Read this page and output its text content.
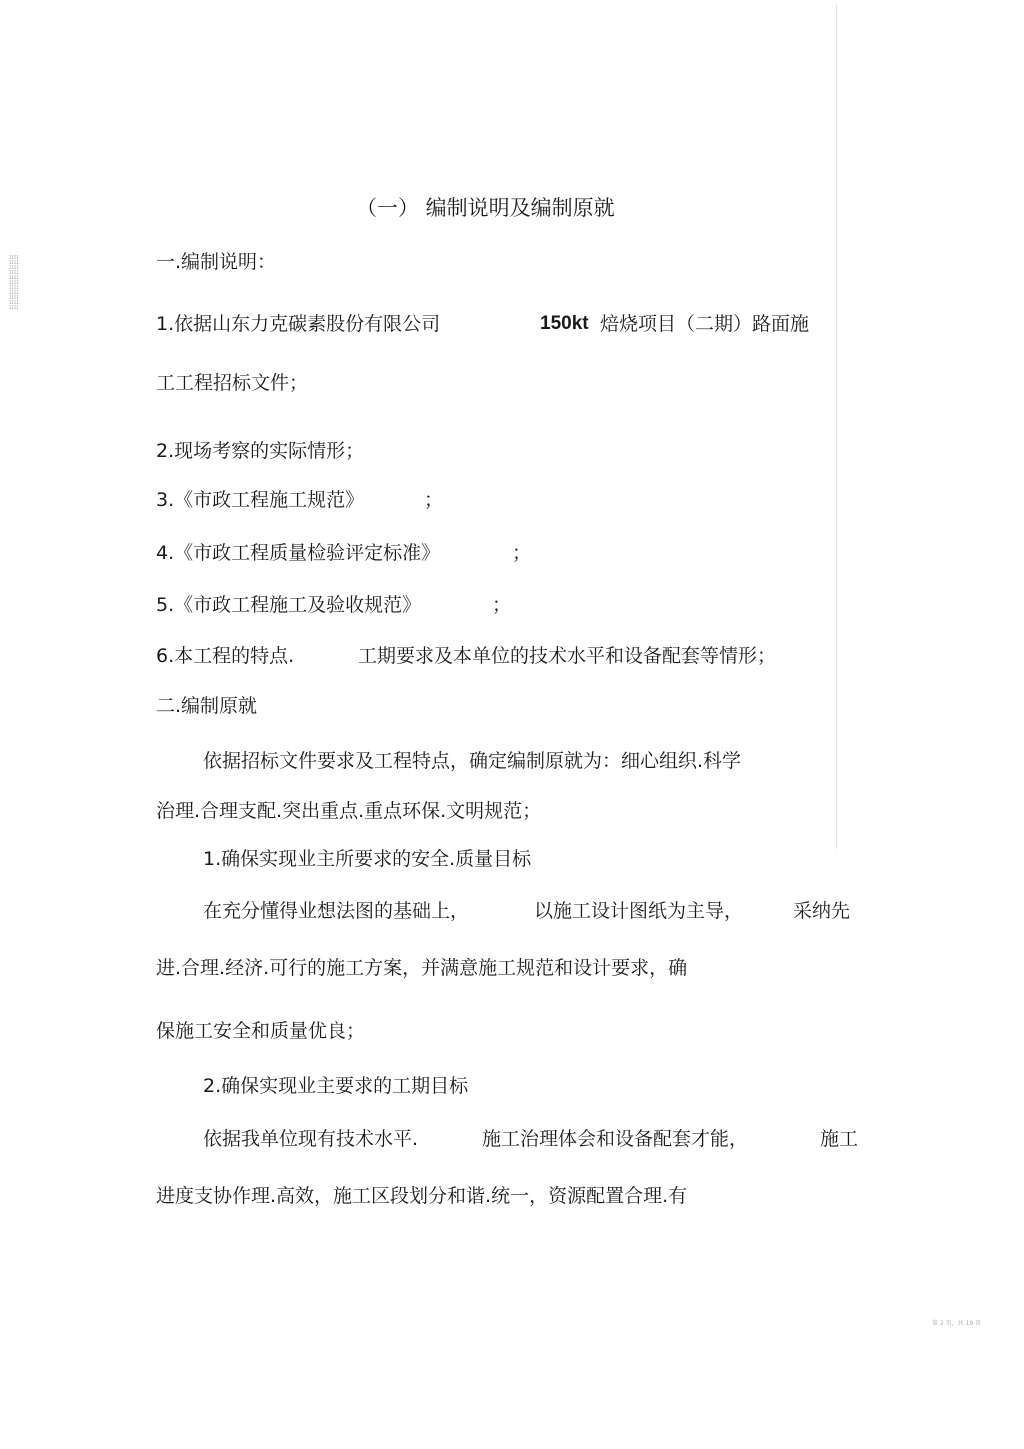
IIIIIIIIIIIIIIIIIIIIIIIIIIIIIIIIIIIIIIIIIIII
（一） 编制说明及编制原就
一.编制说明：
1.依据山东力克碳素股份有限公司	150kt 焙烧项目（二期）路面施
工工程招标文件；
2.现场考察的实际情形；
3.《市政工程施工规范》	；
4.《市政工程质量检验评定标准》	；
5.《市政工程施工及验收规范》	；
6.本工程的特点.	工期要求及本单位的技术水平和设备配套等情形；
二.编制原就
依据招标文件要求及工程特点，确定编制原就为：细心组织.科学
治理.合理支配.突出重点.重点环保.文明规范；
1.确保实现业主所要求的安全.质量目标
在充分懂得业想法图的基础上，	以施工设计图纸为主导，	采纳先
进.合理.经济.可行的施工方案，并满意施工规范和设计要求，确
保施工安全和质量优良；
2.确保实现业主要求的工期目标
依据我单位现有技术水平.	施工治理体会和设备配套才能，	施工
进度支协作理.高效，施工区段划分和谐.统一，资源配置合理.有
第 2 页，共 19 页
